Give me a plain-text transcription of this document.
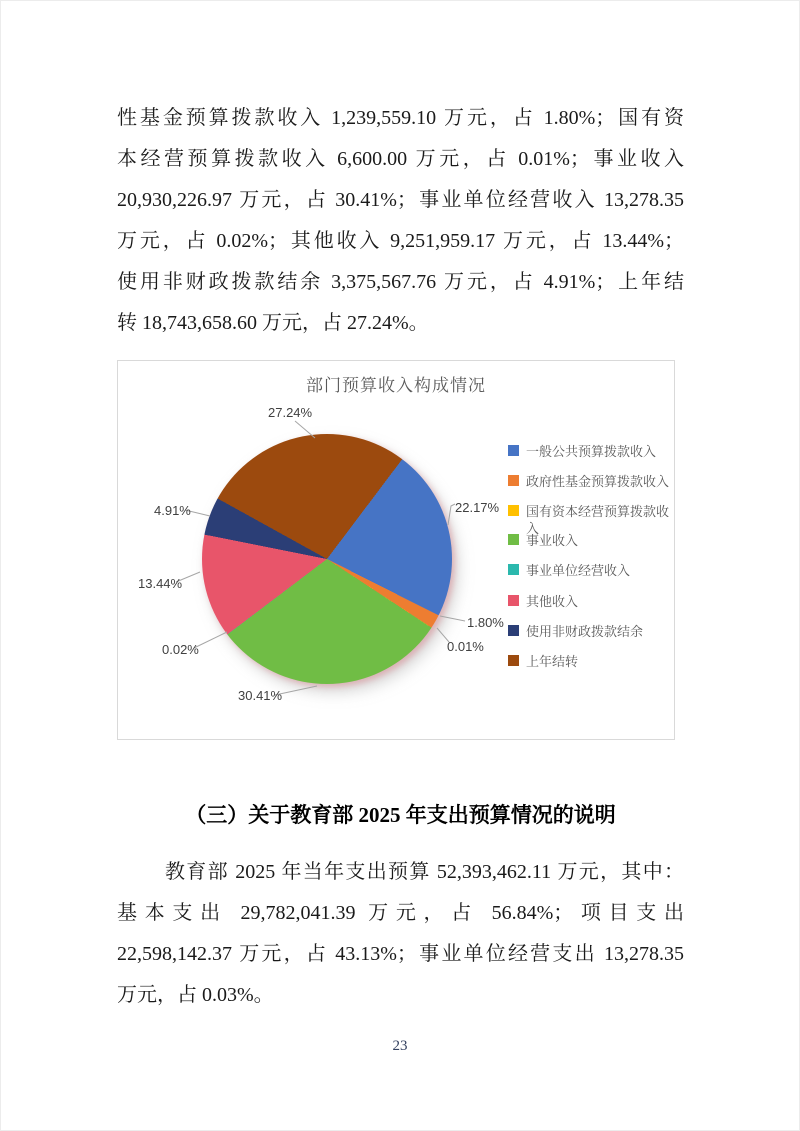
性基金预算拨款收入 1,239,559.10 万元，占 1.80%；国有资
本经营预算拨款收入 6,600.00 万元，占 0.01%；事业收入
20,930,226.97 万元，占 30.41%；事业单位经营收入 13,278.35
万元，占 0.02%；其他收入 9,251,959.17 万元，占 13.44%；
使用非财政拨款结余 3,375,567.76 万元，占 4.91%；上年结
转 18,743,658.60 万元，占 27.24%。
部门预算收入构成情况
27.24%
22.17%
4.91%
13.44%
0.02%
30.41%
1.80%
0.01%
一般公共预算拨款收入
政府性基金预算拨款收入
国有资本经营预算拨款收入
事业收入
事业单位经营收入
其他收入
使用非财政拨款结余
上年结转
（三）关于教育部 2025 年支出预算情况的说明
教育部 2025 年当年支出预算 52,393,462.11 万元，其中：
基本支出 29,782,041.39 万元，占 56.84%；项目支出
22,598,142.37 万元，占 43.13%；事业单位经营支出 13,278.35
万元，占 0.03%。
23
